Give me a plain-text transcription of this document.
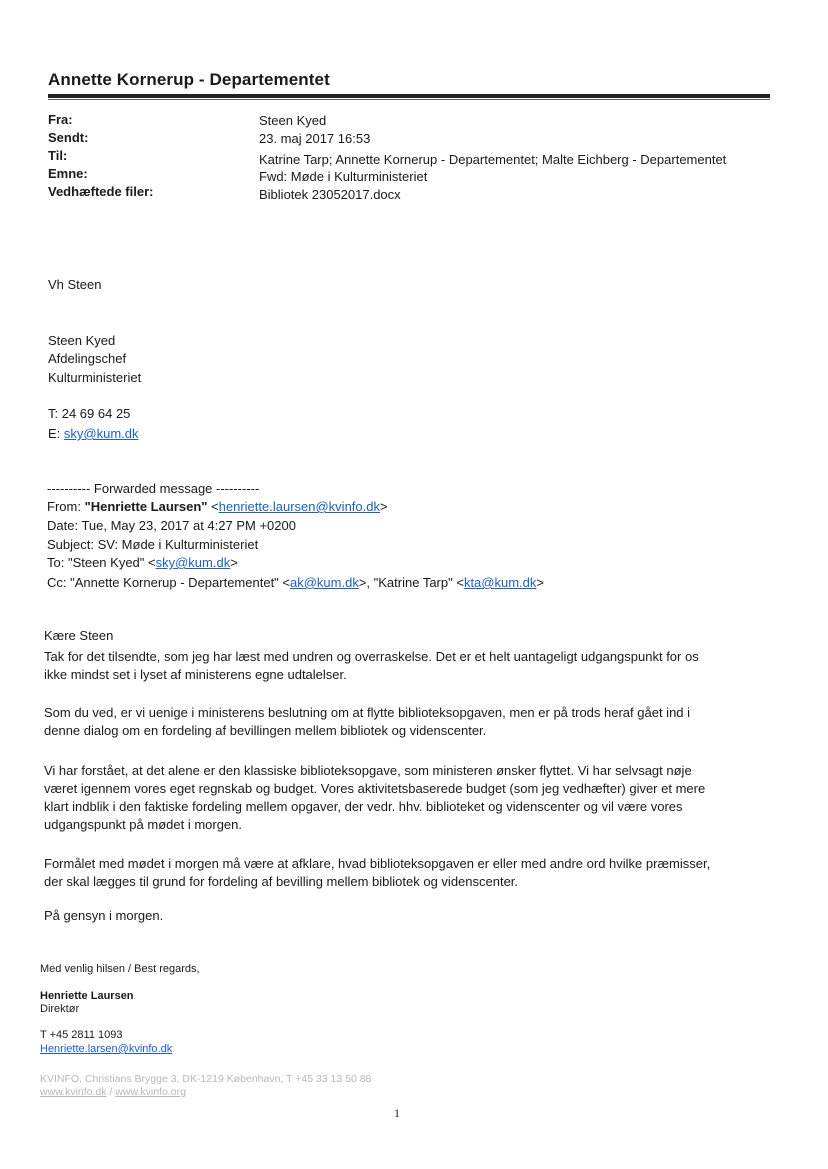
Annette Kornerup - Departementet
Fra:	Steen Kyed
Sendt:	23. maj 2017 16:53
Til:	Katrine Tarp; Annette Kornerup - Departementet; Malte Eichberg - Departementet
Emne:	Fwd: Møde i Kulturministeriet
Vedhæftede filer:	Bibliotek 23052017.docx
Vh Steen
Steen Kyed
Afdelingschef
Kulturministeriet
T: 24 69 64 25
E: sky@kum.dk
---------- Forwarded message ----------
From: "Henriette Laursen" <henriette.laursen@kvinfo.dk>
Date: Tue, May 23, 2017 at 4:27 PM +0200
Subject: SV: Møde i Kulturministeriet
To: "Steen Kyed" <sky@kum.dk>
Cc: "Annette Kornerup - Departementet" <ak@kum.dk>, "Katrine Tarp" <kta@kum.dk>
Kære Steen
Tak for det tilsendte, som jeg har læst med undren og overraskelse. Det er et helt uantageligt udgangspunkt for os
ikke mindst set i lyset af ministerens egne udtalelser.
Som du ved, er vi uenige i ministerens beslutning om at flytte biblioteksopgaven, men er på trods heraf gået ind i
denne dialog om en fordeling af bevillingen mellem bibliotek og videnscenter.
Vi har forstået, at det alene er den klassiske biblioteksopgave, som ministeren ønsker flyttet. Vi har selvsagt nøje
været igennem vores eget regnskab og budget. Vores aktivitetsbaserede budget (som jeg vedhæfter) giver et mere
klart indblik i den faktiske fordeling mellem opgaver, der vedr. hhv. biblioteket og videnscenter og vil være vores
udgangspunkt på mødet i morgen.
Formålet med mødet i morgen må være at afklare, hvad biblioteksopgaven er eller med andre ord hvilke præmisser,
der skal lægges til grund for fordeling af bevilling mellem bibliotek og videnscenter.
På gensyn i morgen.
Med venlig hilsen / Best regards,
Henriette Laursen
Direktør
T +45 2811 1093
Henriette.larsen@kvinfo.dk
KVINFO, Christians Brygge 3, DK-1219 København, T +45 33 13 50 88
www.kvinfo.dk / www.kvinfo.org
1
